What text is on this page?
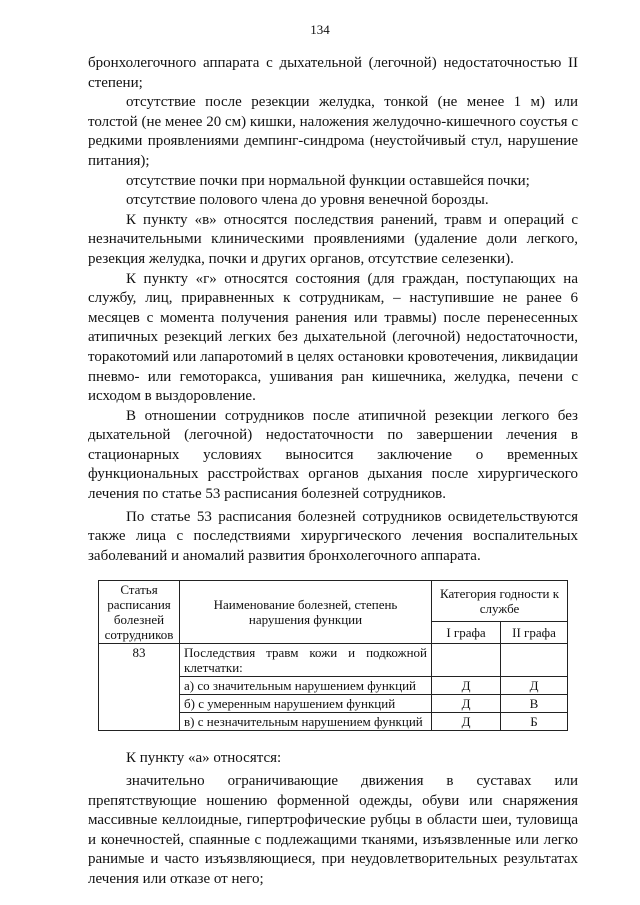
134

бронхолегочного аппарата с дыхательной (легочной) недостаточностью II степени;

отсутствие после резекции желудка, тонкой (не менее 1 м) или толстой (не менее 20 см) кишки, наложения желудочно-кишечного соустья с редкими проявлениями демпинг-синдрома (неустойчивый стул, нарушение питания);

отсутствие почки при нормальной функции оставшейся почки;

отсутствие полового члена до уровня венечной борозды.

К пункту «в» относятся последствия ранений, травм и операций с незначительными клиническими проявлениями (удаление доли легкого, резекция желудка, почки и других органов, отсутствие селезенки).

К пункту «г» относятся состояния (для граждан, поступающих на службу, лиц, приравненных к сотрудникам, – наступившие не ранее 6 месяцев с момента получения ранения или травмы) после перенесенных атипичных резекций легких без дыхательной (легочной) недостаточности, торакотомий или лапаротомий в целях остановки кровотечения, ликвидации пневмо- или гемоторакса, ушивания ран кишечника, желудка, печени с исходом в выздоровление.

В отношении сотрудников после атипичной резекции легкого без дыхательной (легочной) недостаточности по завершении лечения в стационарных условиях выносится заключение о временных функциональных расстройствах органов дыхания после хирургического лечения по статье 53 расписания болезней сотрудников.

По статье 53 расписания болезней сотрудников освидетельствуются также лица с последствиями хирургического лечения воспалительных заболеваний и аномалий развития бронхолегочного аппарата.

Статья расписания болезней сотрудников	Наименование болезней, степень нарушения функции	Категория годности к службе	
		I графа	II графа
83	Последствия травм кожи и подкожной клетчатки:		
	а) со значительным нарушением функций	Д	Д
	б) с умеренным нарушением функций	Д	В
	в) с незначительным нарушением функций	Д	Б

К пункту «а» относятся:

значительно ограничивающие движения в суставах или препятствующие ношению форменной одежды, обуви или снаряжения массивные келлоидные, гипертрофические рубцы в области шеи, туловища и конечностей, спаянные с подлежащими тканями, изъязвленные или легко ранимые и часто изъязвляющиеся, при неудовлетворительных результатах лечения или отказе от него;
